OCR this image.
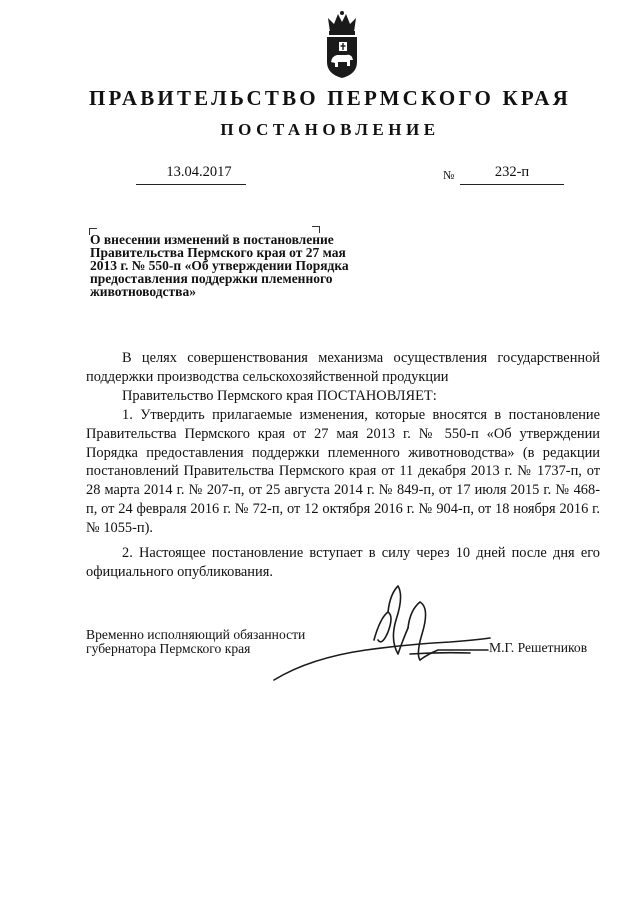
ПРАВИТЕЛЬСТВО ПЕРМСКОГО КРАЯ
ПОСТАНОВЛЕНИЕ
13.04.2017	№	232-п
О внесении изменений в постановление
Правительства Пермского края от 27 мая
2013 г. № 550-п «Об утверждении Порядка
предоставления поддержки племенного
животноводства»
В целях совершенствования механизма осуществления государственной поддержки производства сельскохозяйственной продукции
Правительство Пермского края ПОСТАНОВЛЯЕТ:
1. Утвердить прилагаемые изменения, которые вносятся в постановление Правительства Пермского края от 27 мая 2013 г. № 550-п «Об утверждении Порядка предоставления поддержки племенного животноводства» (в редакции постановлений Правительства Пермского края от 11 декабря 2013 г. № 1737-п, от 28 марта 2014 г. № 207-п, от 25 августа 2014 г. № 849-п, от 17 июля 2015 г. № 468-п, от 24 февраля 2016 г. № 72-п, от 12 октября 2016 г. № 904-п, от 18 ноября 2016 г. № 1055-п).
2. Настоящее постановление вступает в силу через 10 дней после дня его официального опубликования.
Временно исполняющий обязанности
губернатора Пермского края	М.Г. Решетников
